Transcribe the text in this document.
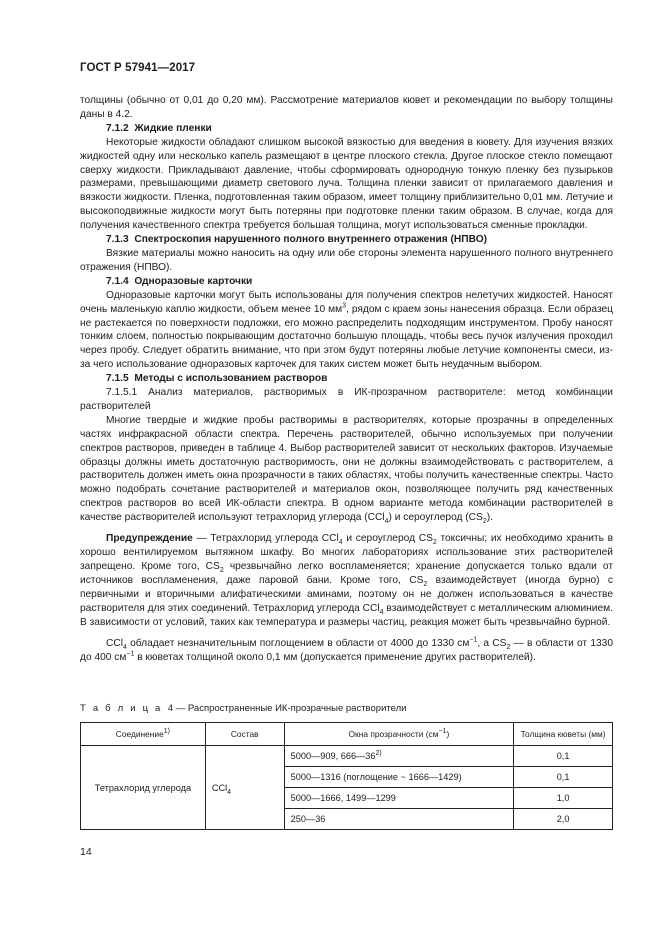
ГОСТ Р 57941—2017

толщины (обычно от 0,01 до 0,20 мм). Рассмотрение материалов кювет и рекомендации по выбору толщины даны в 4.2.

7.1.2 Жидкие пленки

Некоторые жидкости обладают слишком высокой вязкостью для введения в кювету. Для изучения вязких жидкостей одну или несколько капель размещают в центре плоского стекла. Другое плоское стекло помещают сверху жидкости. Прикладывают давление, чтобы сформировать однородную тонкую пленку без пузырьков размерами, превышающими диаметр светового луча. Толщина пленки зависит от прилагаемого давления и вязкости жидкости. Пленка, подготовленная таким образом, имеет толщину приблизительно 0,01 мм. Летучие и высокоподвижные жидкости могут быть потеряны при подготовке пленки таким образом. В случае, когда для получения качественного спектра требуется большая толщина, могут использоваться сменные прокладки.

7.1.3 Спектроскопия нарушенного полного внутреннего отражения (НПВО)

Вязкие материалы можно наносить на одну или обе стороны элемента нарушенного полного внутреннего отражения (НПВО).

7.1.4 Одноразовые карточки

Одноразовые карточки могут быть использованы для получения спектров нелетучих жидкостей. Наносят очень маленькую каплю жидкости, объем менее 10 $мм^3$, рядом с краем зоны нанесения образца. Если образец не растекается по поверхности подложки, его можно распределить подходящим инструментом. Пробу наносят тонким слоем, полностью покрывающим достаточно большую площадь, чтобы весь пучок излучения проходил через пробу. Следует обратить внимание, что при этом будут потеряны любые летучие компоненты смеси, из-за чего использование одноразовых карточек для таких систем может быть неудачным выбором.

7.1.5 Методы с использованием растворов

7.1.5.1 Анализ материалов, растворимых в ИК-прозрачном растворителе: метод комбинации растворителей

Многие твердые и жидкие пробы растворимы в растворителях, которые прозрачны в определенных частях инфракрасной области спектра. Перечень растворителей, обычно используемых при получении спектров растворов, приведен в таблице 4. Выбор растворителей зависит от нескольких факторов. Изучаемые образцы должны иметь достаточную растворимость, они не должны взаимодействовать с растворителем, а растворитель должен иметь окна прозрачности в таких областях, чтобы получить качественные спектры. Часто можно подобрать сочетание растворителей и материалов окон, позволяющее получить ряд качественных спектров растворов во всей ИК-области спектра. В одном варианте метода комбинации растворителей в качестве растворителей используют тетрахлорид углерода (CCl$_4$) и сероуглерод $(CS_2)$.

Предупреждение — Тетрахлорид углерода CCl$_4$ и сероуглерод $CS_2$ токсичны; их необходимо хранить в хорошо вентилируемом вытяжном шкафу. Во многих лабораториях использование этих растворителей запрещено. Кроме того, $CS_2$ чрезвычайно легко воспламеняется; хранение допускается только вдали от источников воспламенения, даже паровой бани. Кроме того, $CS_2$ взаимодействует (иногда бурно) с первичными и вторичными алифатическими аминами, поэтому он не должен использоваться в качестве растворителя для этих соединений. Тетрахлорид углерода CCl$_4$ взаимодействует с металлическим алюминием. В зависимости от условий, таких как температура и размеры частиц, реакция может быть чрезвычайно бурной.

CCl$_4$ обладает незначительным поглощением в области от 4000 до 1330 $см^{-1}$, а $CS_2$ — в области от 1330 до 400 $см^{-1}$ в кюветах толщиной около 0,1 мм (допускается применение других растворителей).

Т а б л и ц а 4 — Распространенные ИК-прозрачные растворители
Соединение$^{1)}$	Состав	Окна прозрачности $(см^{-1})$	Толщина кюветы (мм)
Тетрахлорид углерода	CCl$_4$	5000—909, 666—36$^{2)}$	0,1
		5000—1316 (поглощение ~ 1666—1429)	0,1
		5000—1666, 1499—1299	1,0
		250—36	2,0
14
